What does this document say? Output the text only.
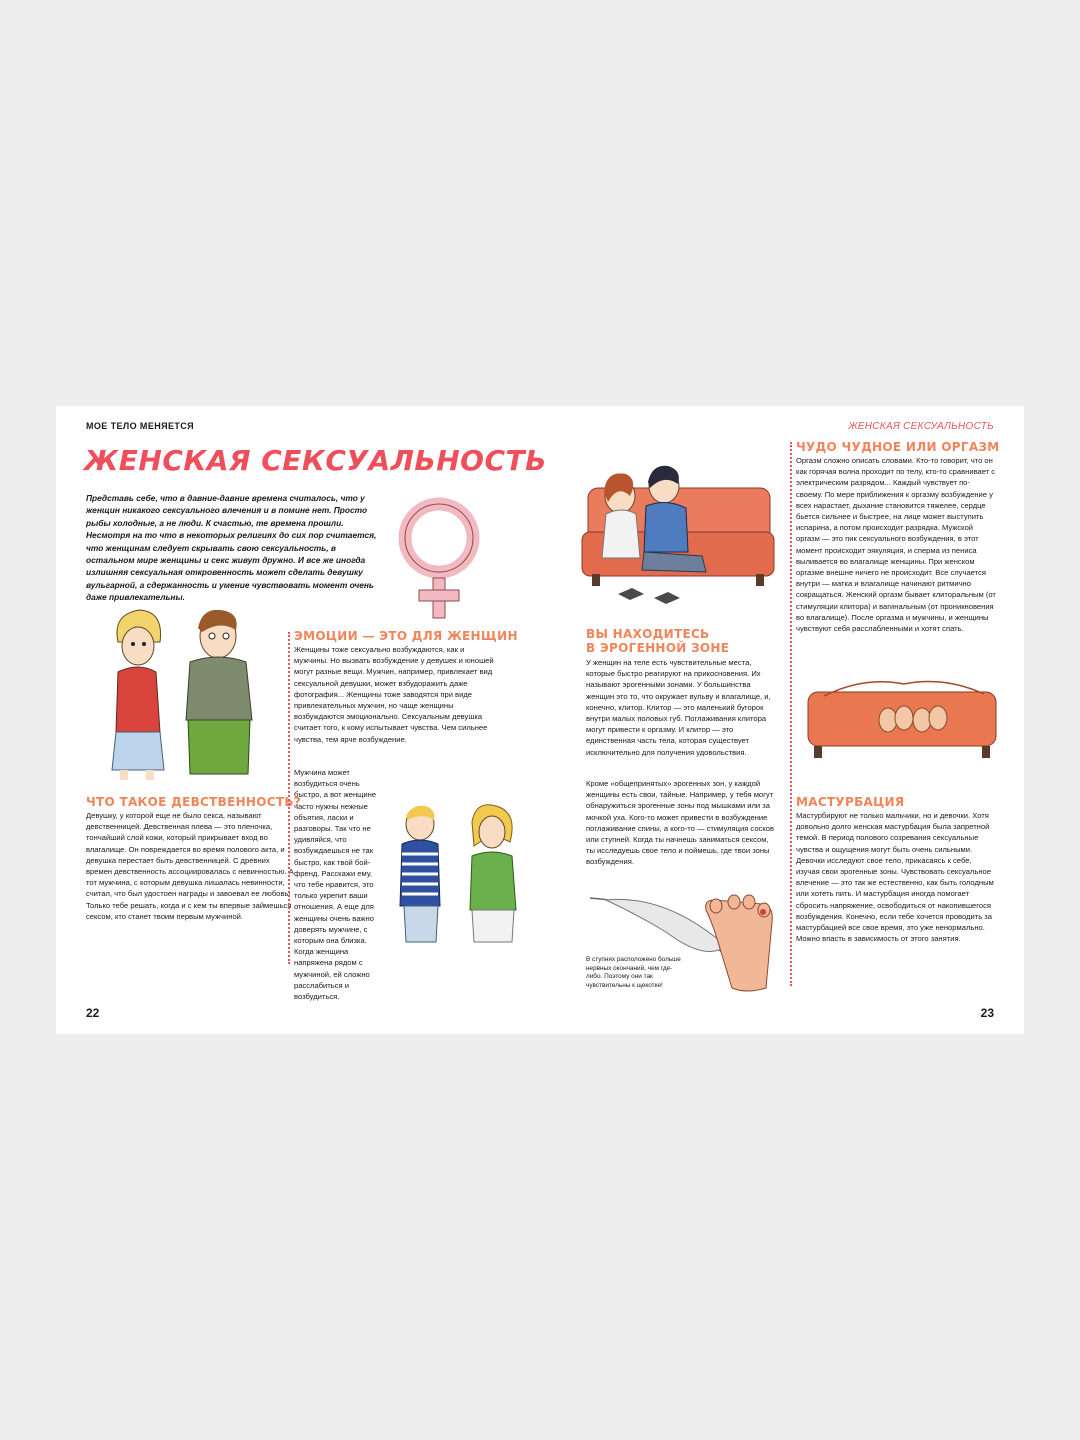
МОЕ ТЕЛО МЕНЯЕТСЯ	ЖЕНСКАЯ СЕКСУАЛЬНОСТЬ
ЖЕНСКАЯ СЕКСУАЛЬНОСТЬ
Представь себе, что в давние-давние времена считалось, что у женщин никакого сексуального влечения и в помине нет. Просто рыбы холодные, а не люди. К счастью, те времена прошли. Несмотря на то что в некоторых религиях до сих пор считается, что женщинам следует скрывать свою сексуальность, в остальном мире женщины и секс живут дружно. И все же иногда излишняя сексуальная откровенность может сделать девушку вульгарной, а сдержанность и умение чувствовать момент очень даже привлекательны.
ЧТО ТАКОЕ ДЕВСТВЕННОСТЬ?
Девушку, у которой еще не было секса, называют девственницей. Девственная плева — это пленочка, тончайший слой кожи, который прикрывает вход во влагалище. Он повреждается во время полового акта, и девушка перестает быть девственницей. С древних времен девственность ассоциировалась с невинностью. А тот мужчина, с которым девушка лишалась невинности, считал, что был удостоен награды и завоевал ее любовь! Только тебе решать, когда и с кем ты впервые займешься сексом, кто станет твоим первым мужчиной.
ЭМОЦИИ — ЭТО ДЛЯ ЖЕНЩИН
Женщины тоже сексуально возбуждаются, как и мужчины. Но вызвать возбуждение у девушек и юношей могут разные вещи. Мужчин, например, привлекает вид сексуальной девушки, может взбудоражить даже фотография... Женщины тоже заводятся при виде привлекательных мужчин, но чаще женщины возбуждаются эмоционально. Сексуальным девушка считает того, к кому испытывает чувства. Чем сильнее чувства, тем ярче возбуждение.
Мужчина может возбудиться очень быстро, а вот женщине часто нужны нежные объятия, ласки и разговоры. Так что не удивляйся, что возбуждаешься не так быстро, как твой бой-френд. Расскажи ему, что тебе нравится, это только укрепит ваши отношения. А еще для женщины очень важно доверять мужчине, с которым она близка. Когда женщина напряжена рядом с мужчиной, ей сложно расслабиться и возбудиться.
ВЫ НАХОДИТЕСЬ
В ЭРОГЕННОЙ ЗОНЕ
У женщин на теле есть чувствительные места, которые быстро реагируют на прикосновения. Их называют эрогенными зонами. У большинства женщин это то, что окружает вульву и влагалище, и, конечно, клитор. Клитор — это маленький бугорок внутри малых половых губ. Поглаживания клитора могут привести к оргазму. И клитор — это единственная часть тела, которая существует исключительно для получения удовольствия.
Кроме «общепринятых» эрогенных зон, у каждой женщины есть свои, тайные. Например, у тебя могут обнаружиться эрогенные зоны под мышками или за мочкой уха. Кого-то может привести в возбуждение поглаживание спины, а кого-то — стимуляция сосков или ступней. Когда ты начнешь заниматься сексом, ты исследуешь свое тело и поймешь, где твои зоны возбуждения.
В ступнях расположено больше нервных окончаний, чем где-либо. Поэтому они так чувствительны к щекотке!
ЧУДО ЧУДНОЕ ИЛИ ОРГАЗМ
Оргазм сложно описать словами. Кто-то говорит, что он как горячая волна проходит по телу, кто-то сравнивает с электрическим разрядом... Каждый чувствует по-своему. По мере приближения к оргазму возбуждение у всех нарастает, дыхание становится тяжелее, сердце бьется сильнее и быстрее, на лице может выступить испарина, а потом происходит разрядка. Мужской оргазм — это пик сексуального возбуждения, в этот момент происходит эякуляция, и сперма из пениса выливается во влагалище женщины. При женском оргазме внешне ничего не происходит. Все случается внутри — матка и влагалище начинают ритмично сокращаться. Женский оргазм бывает клиторальным (от стимуляции клитора) и вагинальным (от проникновения во влагалище). После оргазма и мужчины, и женщины чувствуют себя расслабленными и хотят спать.
МАСТУРБАЦИЯ
Мастурбируют не только мальчики, но и девочки. Хотя довольно долго женская мастурбация была запретной темой. В период полового созревания сексуальные чувства и ощущения могут быть очень сильными. Девочки исследуют свое тело, прикасаясь к себе, изучая свои эрогенные зоны. Чувствовать сексуальное влечение — это так же естественно, как быть голодным или хотеть пить. И мастурбация иногда помогает сбросить напряжение, освободиться от накопившегося возбуждения. Конечно, если тебе хочется проводить за мастурбацией все свое время, это уже ненормально. Можно впасть в зависимость от этого занятия.
22	23
